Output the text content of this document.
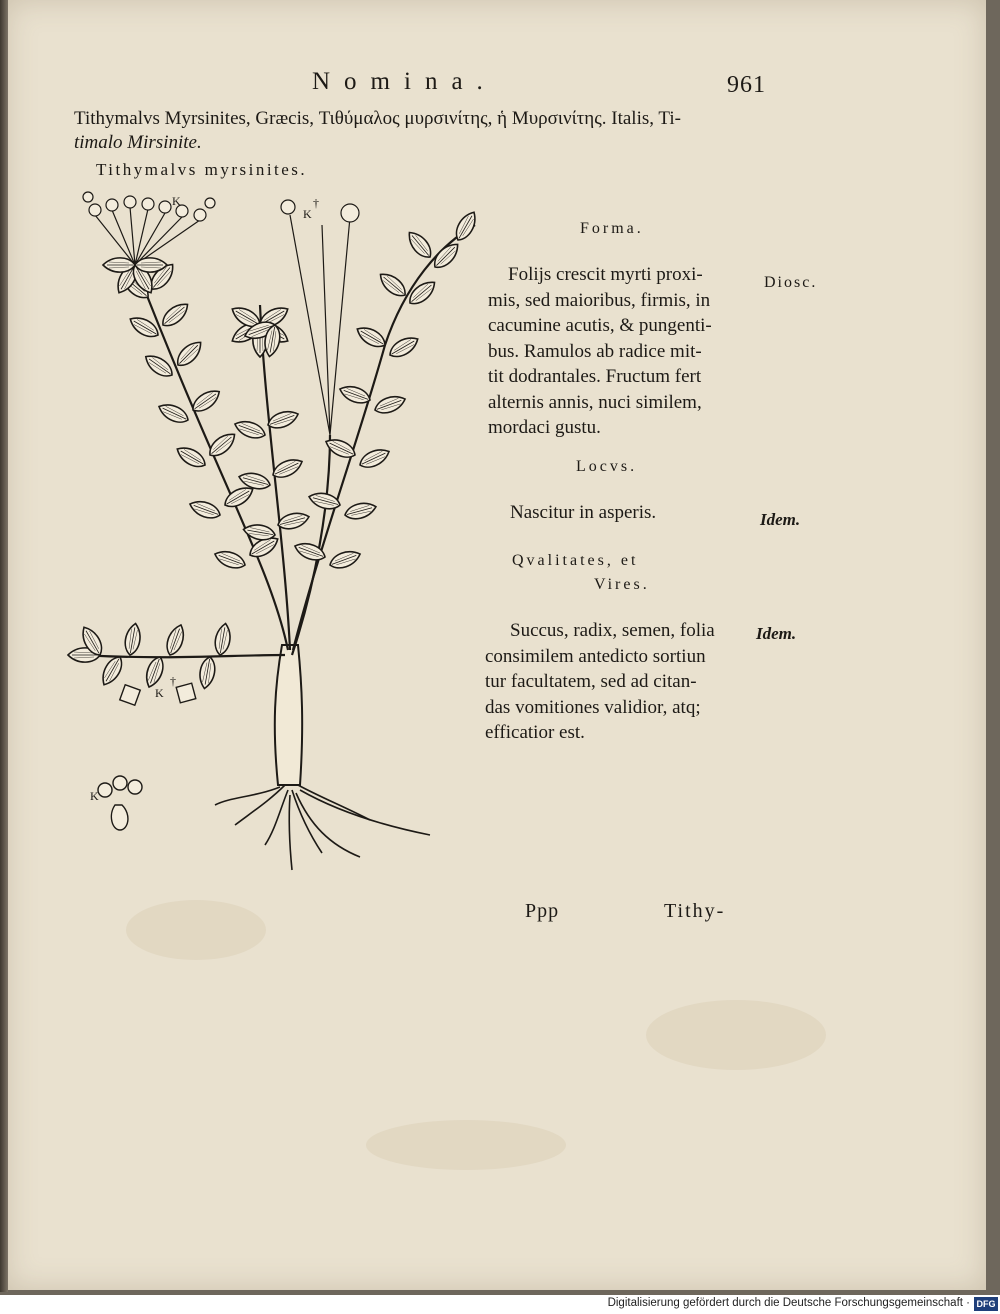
Nomina.	961
Tithymalvs Myrsinites, Græcis, Τιθύμαλος μυρσινίτης, ἡ Μυρσινίτης. Italis, Ti-
timalo Mirsinite.
Tithymalvs myrsinites.
K
K
†
K
†
K
Forma.
Folijs crescit myrti proxi-
mis, sed maioribus, firmis, in
cacumine acutis, & pungenti-
bus. Ramulos ab radice mit-
tit dodrantales. Fructum fert
alternis annis, nuci similem,
mordaci gustu.
Diosc.
Locvs.
Nascitur in asperis.	Idem.
Qvalitates, et
Vires.
Succus, radix, semen, folia
consimilem antedicto sortiun
tur facultatem, sed ad citan-
das vomitiones validior, atq;
efficatior est.
Idem.
Ppp	Tithy-
Digitalisierung gefördert durch die Deutsche Forschungsgemeinschaft · DFG
